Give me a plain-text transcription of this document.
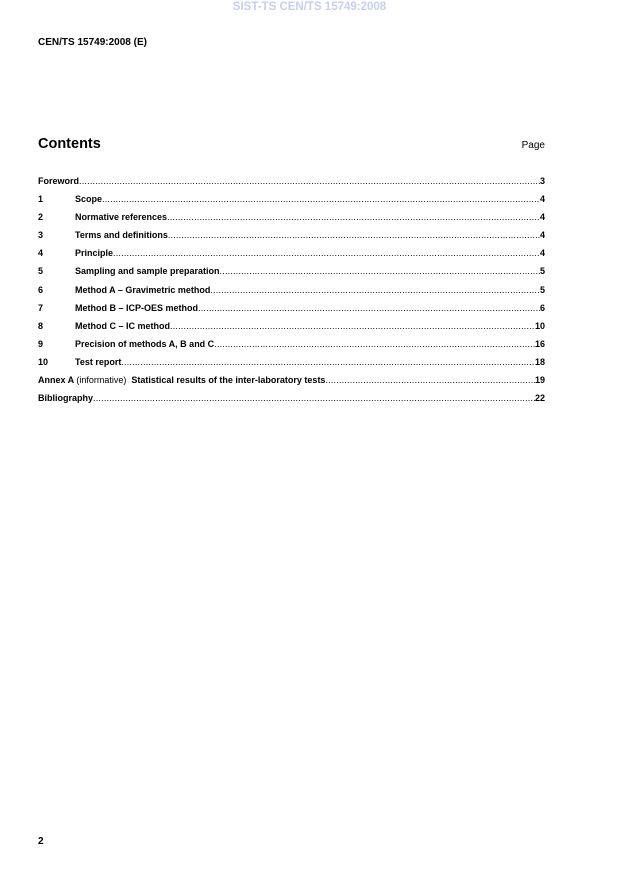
SIST-TS CEN/TS 15749:2008
CEN/TS 15749:2008 (E)
Contents	Page
Foreword .....	3
1	Scope .....	4
2	Normative references .....	4
3	Terms and definitions .....	4
4	Principle .....	4
5	Sampling and sample preparation .....	5
6	Method A – Gravimetric method .....	5
7	Method B – ICP-OES method .....	6
8	Method C – IC method .....	10
9	Precision of methods A, B and C .....	16
10	Test report .....	18
Annex A (informative) Statistical results of the inter-laboratory tests .....	19
Bibliography .....	22
2
